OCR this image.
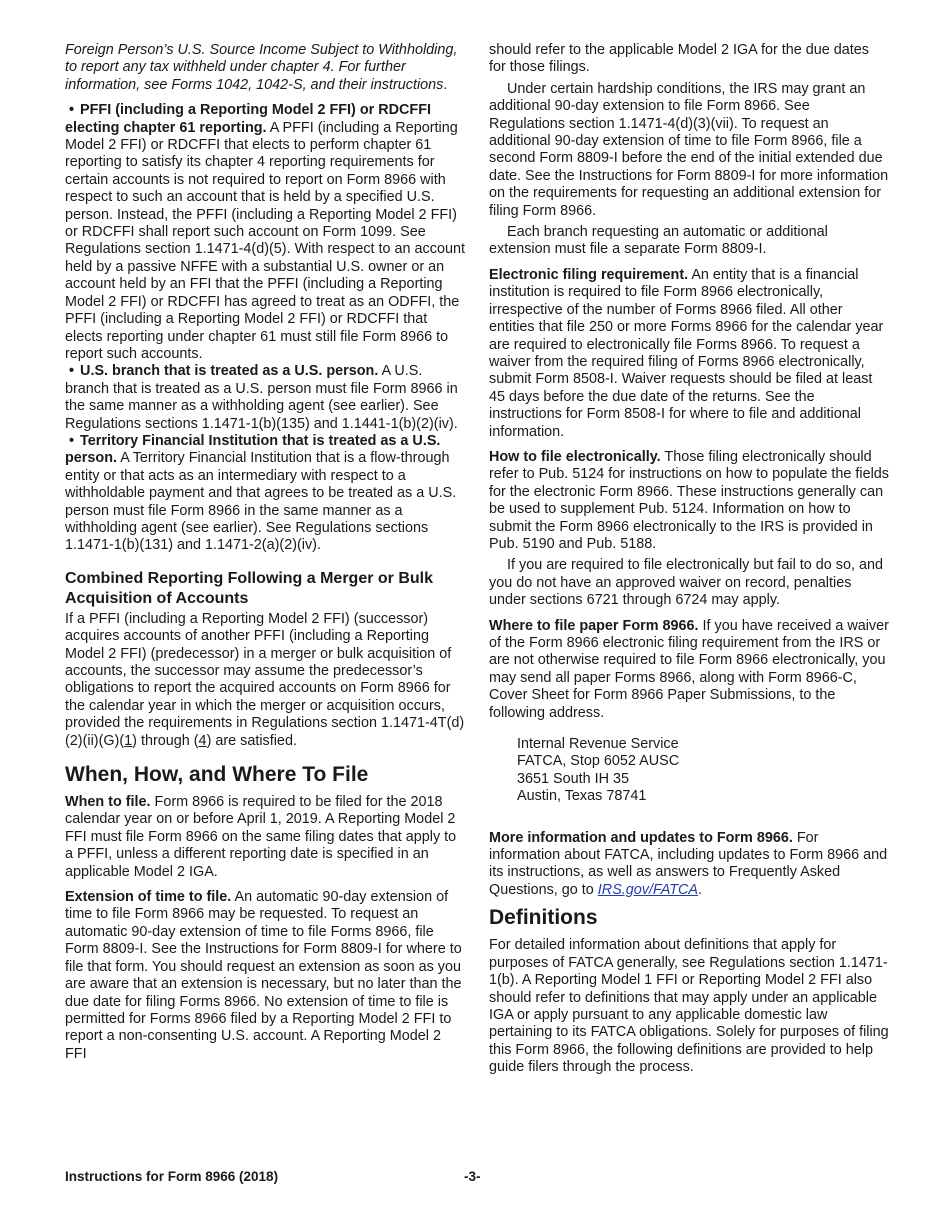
Foreign Person’s U.S. Source Income Subject to Withholding, to report any tax withheld under chapter 4. For further information, see Forms 1042, 1042-S, and their instructions.

• PFFI (including a Reporting Model 2 FFI) or RDCFFI electing chapter 61 reporting. A PFFI (including a Reporting Model 2 FFI) or RDCFFI that elects to perform chapter 61 reporting to satisfy its chapter 4 reporting requirements for certain accounts is not required to report on Form 8966 with respect to such an account that is held by a specified U.S. person. Instead, the PFFI (including a Reporting Model 2 FFI) or RDCFFI shall report such account on Form 1099. See Regulations section 1.1471-4(d)(5). With respect to an account held by a passive NFFE with a substantial U.S. owner or an account held by an FFI that the PFFI (including a Reporting Model 2 FFI) or RDCFFI has agreed to treat as an ODFFI, the PFFI (including a Reporting Model 2 FFI) or RDCFFI that elects reporting under chapter 61 must still file Form 8966 to report such accounts.

• U.S. branch that is treated as a U.S. person. A U.S. branch that is treated as a U.S. person must file Form 8966 in the same manner as a withholding agent (see earlier). See Regulations sections 1.1471-1(b)(135) and 1.1441-1(b)(2)(iv).

• Territory Financial Institution that is treated as a U.S. person. A Territory Financial Institution that is a flow-through entity or that acts as an intermediary with respect to a withholdable payment and that agrees to be treated as a U.S. person must file Form 8966 in the same manner as a withholding agent (see earlier). See Regulations sections 1.1471-1(b)(131) and 1.1471-2(a)(2)(iv).

Combined Reporting Following a Merger or Bulk Acquisition of Accounts

If a PFFI (including a Reporting Model 2 FFI) (successor) acquires accounts of another PFFI (including a Reporting Model 2 FFI) (predecessor) in a merger or bulk acquisition of accounts, the successor may assume the predecessor’s obligations to report the acquired accounts on Form 8966 for the calendar year in which the merger or acquisition occurs, provided the requirements in Regulations section 1.1471-4T(d)(2)(ii)(G)(1) through (4) are satisfied.

When, How, and Where To File

When to file. Form 8966 is required to be filed for the 2018 calendar year on or before April 1, 2019. A Reporting Model 2 FFI must file Form 8966 on the same filing dates that apply to a PFFI, unless a different reporting date is specified in an applicable Model 2 IGA.

Extension of time to file. An automatic 90-day extension of time to file Form 8966 may be requested. To request an automatic 90-day extension of time to file Forms 8966, file Form 8809-I. See the Instructions for Form 8809-I for where to file that form. You should request an extension as soon as you are aware that an extension is necessary, but no later than the due date for filing Forms 8966. No extension of time to file is permitted for Forms 8966 filed by a Reporting Model 2 FFI to report a non-consenting U.S. account. A Reporting Model 2 FFI

should refer to the applicable Model 2 IGA for the due dates for those filings.

Under certain hardship conditions, the IRS may grant an additional 90-day extension to file Form 8966. See Regulations section 1.1471-4(d)(3)(vii). To request an additional 90-day extension of time to file Form 8966, file a second Form 8809-I before the end of the initial extended due date. See the Instructions for Form 8809-I for more information on the requirements for requesting an additional extension for filing Form 8966.

Each branch requesting an automatic or additional extension must file a separate Form 8809-I.

Electronic filing requirement. An entity that is a financial institution is required to file Form 8966 electronically, irrespective of the number of Forms 8966 filed. All other entities that file 250 or more Forms 8966 for the calendar year are required to electronically file Forms 8966. To request a waiver from the required filing of Forms 8966 electronically, submit Form 8508-I. Waiver requests should be filed at least 45 days before the due date of the returns. See the instructions for Form 8508-I for where to file and additional information.

How to file electronically. Those filing electronically should refer to Pub. 5124 for instructions on how to populate the fields for the electronic Form 8966. These instructions generally can be used to supplement Pub. 5124. Information on how to submit the Form 8966 electronically to the IRS is provided in Pub. 5190 and Pub. 5188.

If you are required to file electronically but fail to do so, and you do not have an approved waiver on record, penalties under sections 6721 through 6724 may apply.

Where to file paper Form 8966. If you have received a waiver of the Form 8966 electronic filing requirement from the IRS or are not otherwise required to file Form 8966 electronically, you may send all paper Forms 8966, along with Form 8966-C, Cover Sheet for Form 8966 Paper Submissions, to the following address.

Internal Revenue Service

FATCA, Stop 6052 AUSC

3651 South IH 35

Austin, Texas 78741

More information and updates to Form 8966. For information about FATCA, including updates to Form 8966 and its instructions, as well as answers to Frequently Asked Questions, go to IRS.gov/FATCA.

Definitions

For detailed information about definitions that apply for purposes of FATCA generally, see Regulations section 1.1471-1(b). A Reporting Model 1 FFI or Reporting Model 2 FFI also should refer to definitions that may apply under an applicable IGA or apply pursuant to any applicable domestic law pertaining to its FATCA obligations. Solely for purposes of filing this Form 8966, the following definitions are provided to help guide filers through the process.

Instructions for Form 8966 (2018)	-3-
